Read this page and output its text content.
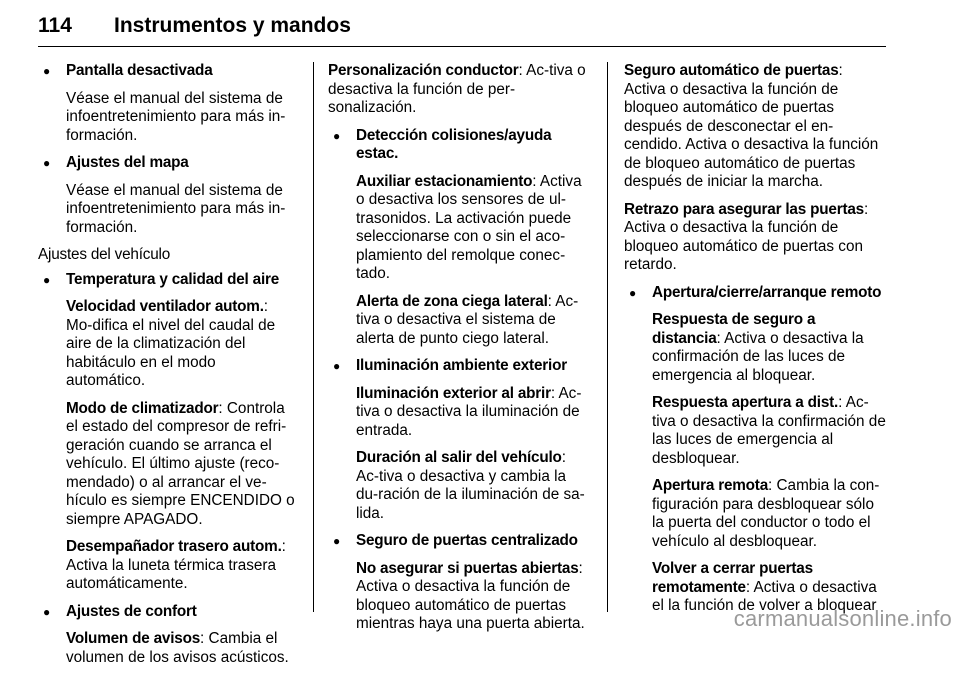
114 Instrumentos y mandos
● Pantalla desactivada
Véase el manual del sistema de infoentretenimiento para más in-formación.
● Ajustes del mapa
Véase el manual del sistema de infoentretenimiento para más in-formación.
Ajustes del vehículo
● Temperatura y calidad del aire
Velocidad ventilador autom.: Mo-difica el nivel del caudal de aire de la climatización del habitáculo en el modo automático.
Modo de climatizador: Controla el estado del compresor de refri-geración cuando se arranca el vehículo. El último ajuste (reco-mendado) o al arrancar el ve-hículo es siempre ENCENDIDO o siempre APAGADO.
Desempañador trasero autom.: Activa la luneta térmica trasera automáticamente.
● Ajustes de confort
Volumen de avisos: Cambia el volumen de los avisos acústicos.
Personalización conductor: Ac-tiva o desactiva la función de per-sonalización.
● Detección colisiones/ayuda estac.
Auxiliar estacionamiento: Activa o desactiva los sensores de ul-trasonidos. La activación puede seleccionarse con o sin el aco-plamiento del remolque conec-tado.
Alerta de zona ciega lateral: Ac-tiva o desactiva el sistema de alerta de punto ciego lateral.
● Iluminación ambiente exterior
Iluminación exterior al abrir: Ac-tiva o desactiva la iluminación de entrada.
Duración al salir del vehículo: Ac-tiva o desactiva y cambia la du-ración de la iluminación de sa-lida.
● Seguro de puertas centralizado
No asegurar si puertas abiertas: Activa o desactiva la función de bloqueo automático de puertas mientras haya una puerta abierta.
Seguro automático de puertas: Activa o desactiva la función de bloqueo automático de puertas después de desconectar el en-cendido. Activa o desactiva la función de bloqueo automático de puertas después de iniciar la marcha.
Retrazo para asegurar las puertas: Activa o desactiva la función de bloqueo automático de puertas con retardo.
● Apertura/cierre/arranque remoto
Respuesta de seguro a distancia: Activa o desactiva la confirmación de las luces de emergencia al bloquear.
Respuesta apertura a dist.: Ac-tiva o desactiva la confirmación de las luces de emergencia al desbloquear.
Apertura remota: Cambia la con-figuración para desbloquear sólo la puerta del conductor o todo el vehículo al desbloquear.
Volver a cerrar puertas remotamente: Activa o desactiva el la función de volver a bloquear
carmanualsonline.info
